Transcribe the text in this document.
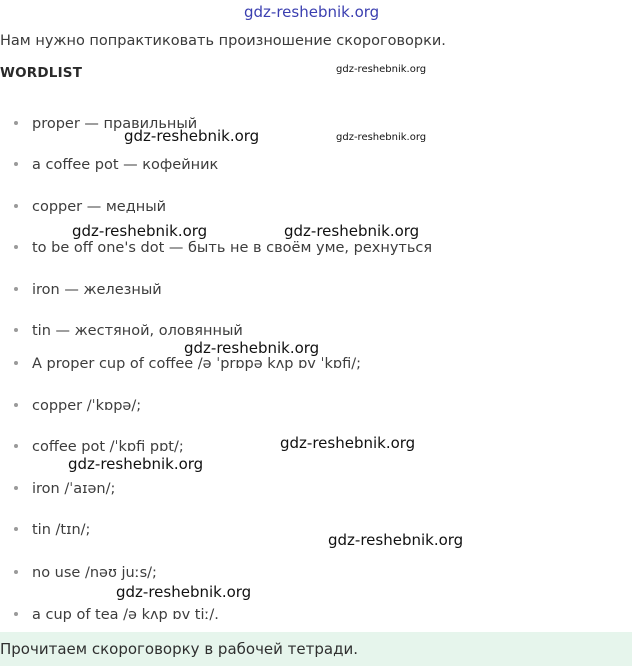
gdz-reshebnik.org
gdz-reshebnik.org
gdz-reshebnik.org
Нам нужно попрактиковать произношение скороговорки.
WORDLIST
proper — правильный
a coffee pot — кофейник
copper — медный
to be off one's dot — быть не в своём уме, рехнуться
iron — железный
tin — жестяной, оловянный
A proper cup of coffee /ə ˈprɒpə kʌp ɒv ˈkɒfi/;
copper /ˈkɒpə/;
coffee pot /ˈkɒfi pɒt/;
iron /ˈaɪən/;
tin /tɪn/;
no use /nəʊ juːs/;
a cup of tea /ə kʌp ɒv tiː/.
gdz-reshebnik.org
gdz-reshebnik.org	gdz-reshebnik.org
gdz-reshebnik.org
gdz-reshebnik.org
gdz-reshebnik.org
gdz-reshebnik.org
gdz-reshebnik.org
Прочитаем скороговорку в рабочей тетради.
